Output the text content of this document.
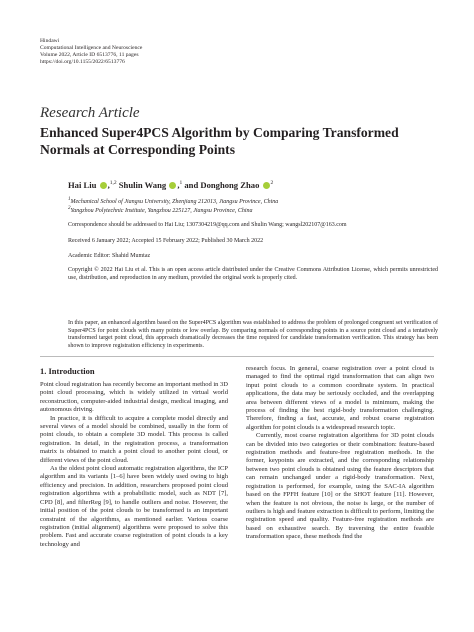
Hindawi
Computational Intelligence and Neuroscience
Volume 2022, Article ID 6513776, 11 pages
https://doi.org/10.1155/2022/6513776
Research Article
Enhanced Super4PCS Algorithm by Comparing Transformed Normals at Corresponding Points
Hai Liu ,$^{1,2}$ Shulin Wang ,$^1$ and Donghong Zhao $^2$
$^1$Mechanical School of Jiangsu University, Zhenjiang 212013, Jiangsu Province, China
$^2$Yangzhou Polytechnic Institute, Yangzhou 225127, Jiangsu Province, China
Correspondence should be addressed to Hai Liu; 1307304219@qq.com and Shulin Wang; wangsl202107@163.com
Received 6 January 2022; Accepted 15 February 2022; Published 30 March 2022
Academic Editor: Shahid Mumtaz
Copyright © 2022 Hai Liu et al. This is an open access article distributed under the Creative Commons Attribution License, which permits unrestricted use, distribution, and reproduction in any medium, provided the original work is properly cited.
In this paper, an enhanced algorithm based on the Super4PCS algorithm was established to address the problem of prolonged congruent set verification of Super4PCS for point clouds with many points or low overlap. By comparing normals of corresponding points in a source point cloud and a tentatively transformed target point cloud, this approach dramatically decreases the time required for candidate transformation verification. This strategy has been shown to improve registration efficiency in experiments.
1. Introduction

Point cloud registration has recently become an important method in 3D point cloud processing, which is widely utilized in virtual world reconstruction, computer-aided industrial design, medical imaging, and autonomous driving.

In practice, it is difficult to acquire a complete model directly and several views of a model should be combined, usually in the form of point clouds, to obtain a complete 3D model. This process is called registration. In detail, in the registration process, a transformation matrix is obtained to match a point cloud to another point cloud, or different views of the point cloud.

As the oldest point cloud automatic registration algorithms, the ICP algorithm and its variants [1–6] have been widely used owing to high efficiency and precision. In addition, researchers proposed point cloud registration algorithms with a probabilistic model, such as NDT [7], CPD [8], and filterReg [9], to handle outliers and noise. However, the initial position of the point clouds to be transformed is an important constraint of the algorithms, as mentioned earlier. Various coarse registration (initial alignment) algorithms were proposed to solve this problem. Fast and accurate coarse registration of point clouds is a key technology and

research focus. In general, coarse registration over a point cloud is managed to find the optimal rigid transformation that can align two input point clouds to a common coordinate system. In practical applications, the data may be seriously occluded, and the overlapping area between different views of a model is minimum, making the process of finding the best rigid-body transformation challenging. Therefore, finding a fast, accurate, and robust coarse registration algorithm for point clouds is a widespread research topic.

Currently, most coarse registration algorithms for 3D point clouds can be divided into two categories or their combination: feature-based registration methods and feature-free registration methods. In the former, keypoints are extracted, and the corresponding relationship between two point clouds is obtained using the feature descriptors that can remain unchanged under a rigid-body transformation. Next, registration is performed, for example, using the SAC-IA algorithm based on the FPFH feature [10] or the SHOT feature [11]. However, when the feature is not obvious, the noise is large, or the number of outliers is high and feature extraction is difficult to perform, limiting the registration speed and quality. Feature-free registration methods are based on exhaustive search. By traversing the entire feasible transformation space, these methods find the
